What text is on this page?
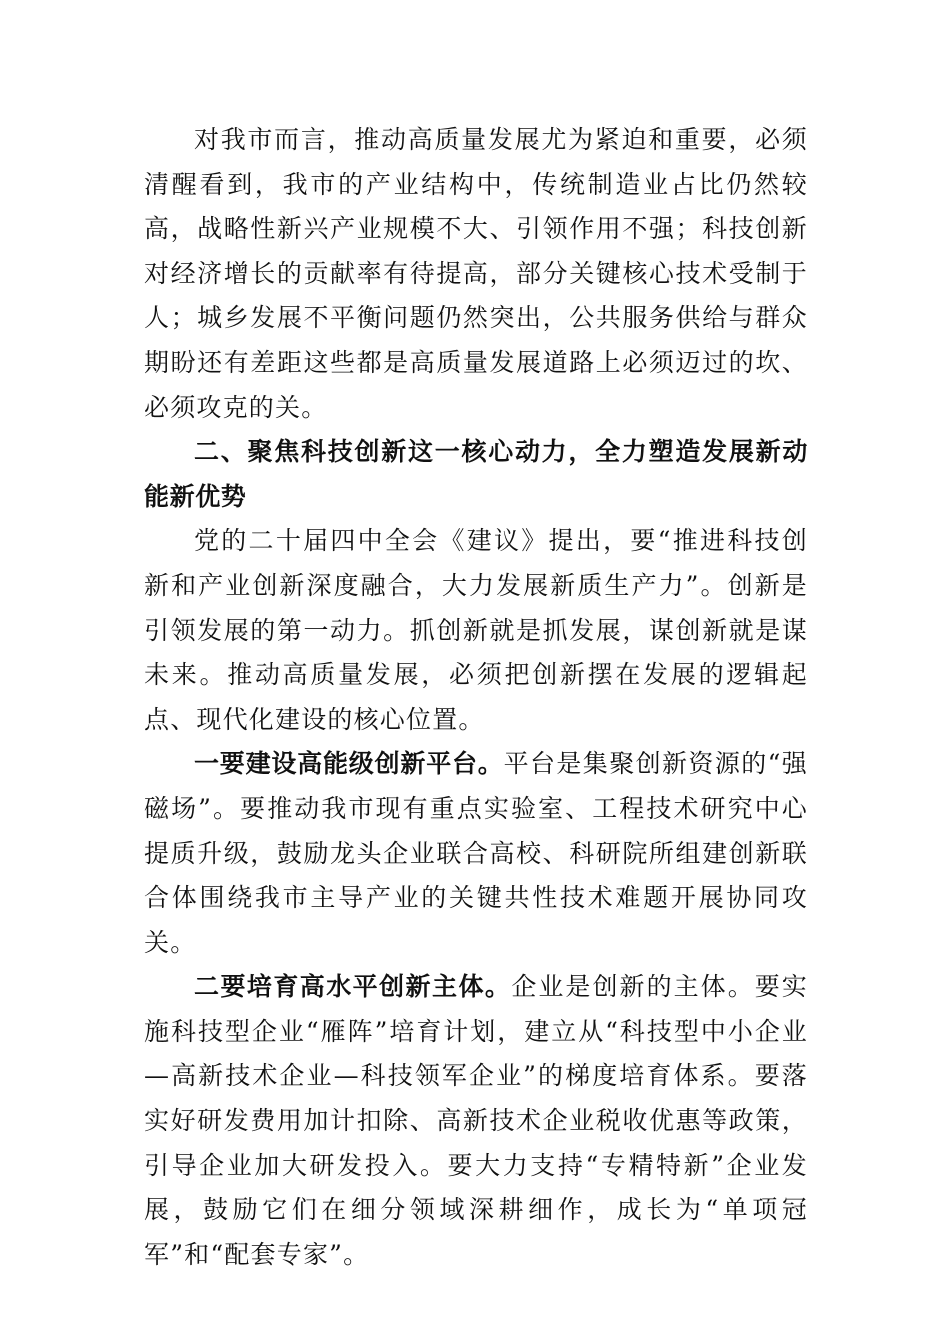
对我市而言，推动高质量发展尤为紧迫和重要，必须清醒看到，我市的产业结构中，传统制造业占比仍然较高，战略性新兴产业规模不大、引领作用不强；科技创新对经济增长的贡献率有待提高，部分关键核心技术受制于人；城乡发展不平衡问题仍然突出，公共服务供给与群众期盼还有差距这些都是高质量发展道路上必须迈过的坎、必须攻克的关。

二、聚焦科技创新这一核心动力，全力塑造发展新动能新优势

党的二十届四中全会《建议》提出，要“推进科技创新和产业创新深度融合，大力发展新质生产力”。创新是引领发展的第一动力。抓创新就是抓发展，谋创新就是谋未来。推动高质量发展，必须把创新摆在发展的逻辑起点、现代化建设的核心位置。

一要建设高能级创新平台。平台是集聚创新资源的“强磁场”。要推动我市现有重点实验室、工程技术研究中心提质升级，鼓励龙头企业联合高校、科研院所组建创新联合体围绕我市主导产业的关键共性技术难题开展协同攻关。

二要培育高水平创新主体。企业是创新的主体。要实施科技型企业“雁阵”培育计划，建立从“科技型中小企业—高新技术企业—科技领军企业”的梯度培育体系。要落实好研发费用加计扣除、高新技术企业税收优惠等政策，引导企业加大研发投入。要大力支持“专精特新”企业发展，鼓励它们在细分领域深耕细作，成长为“单项冠军”和“配套专家”。
